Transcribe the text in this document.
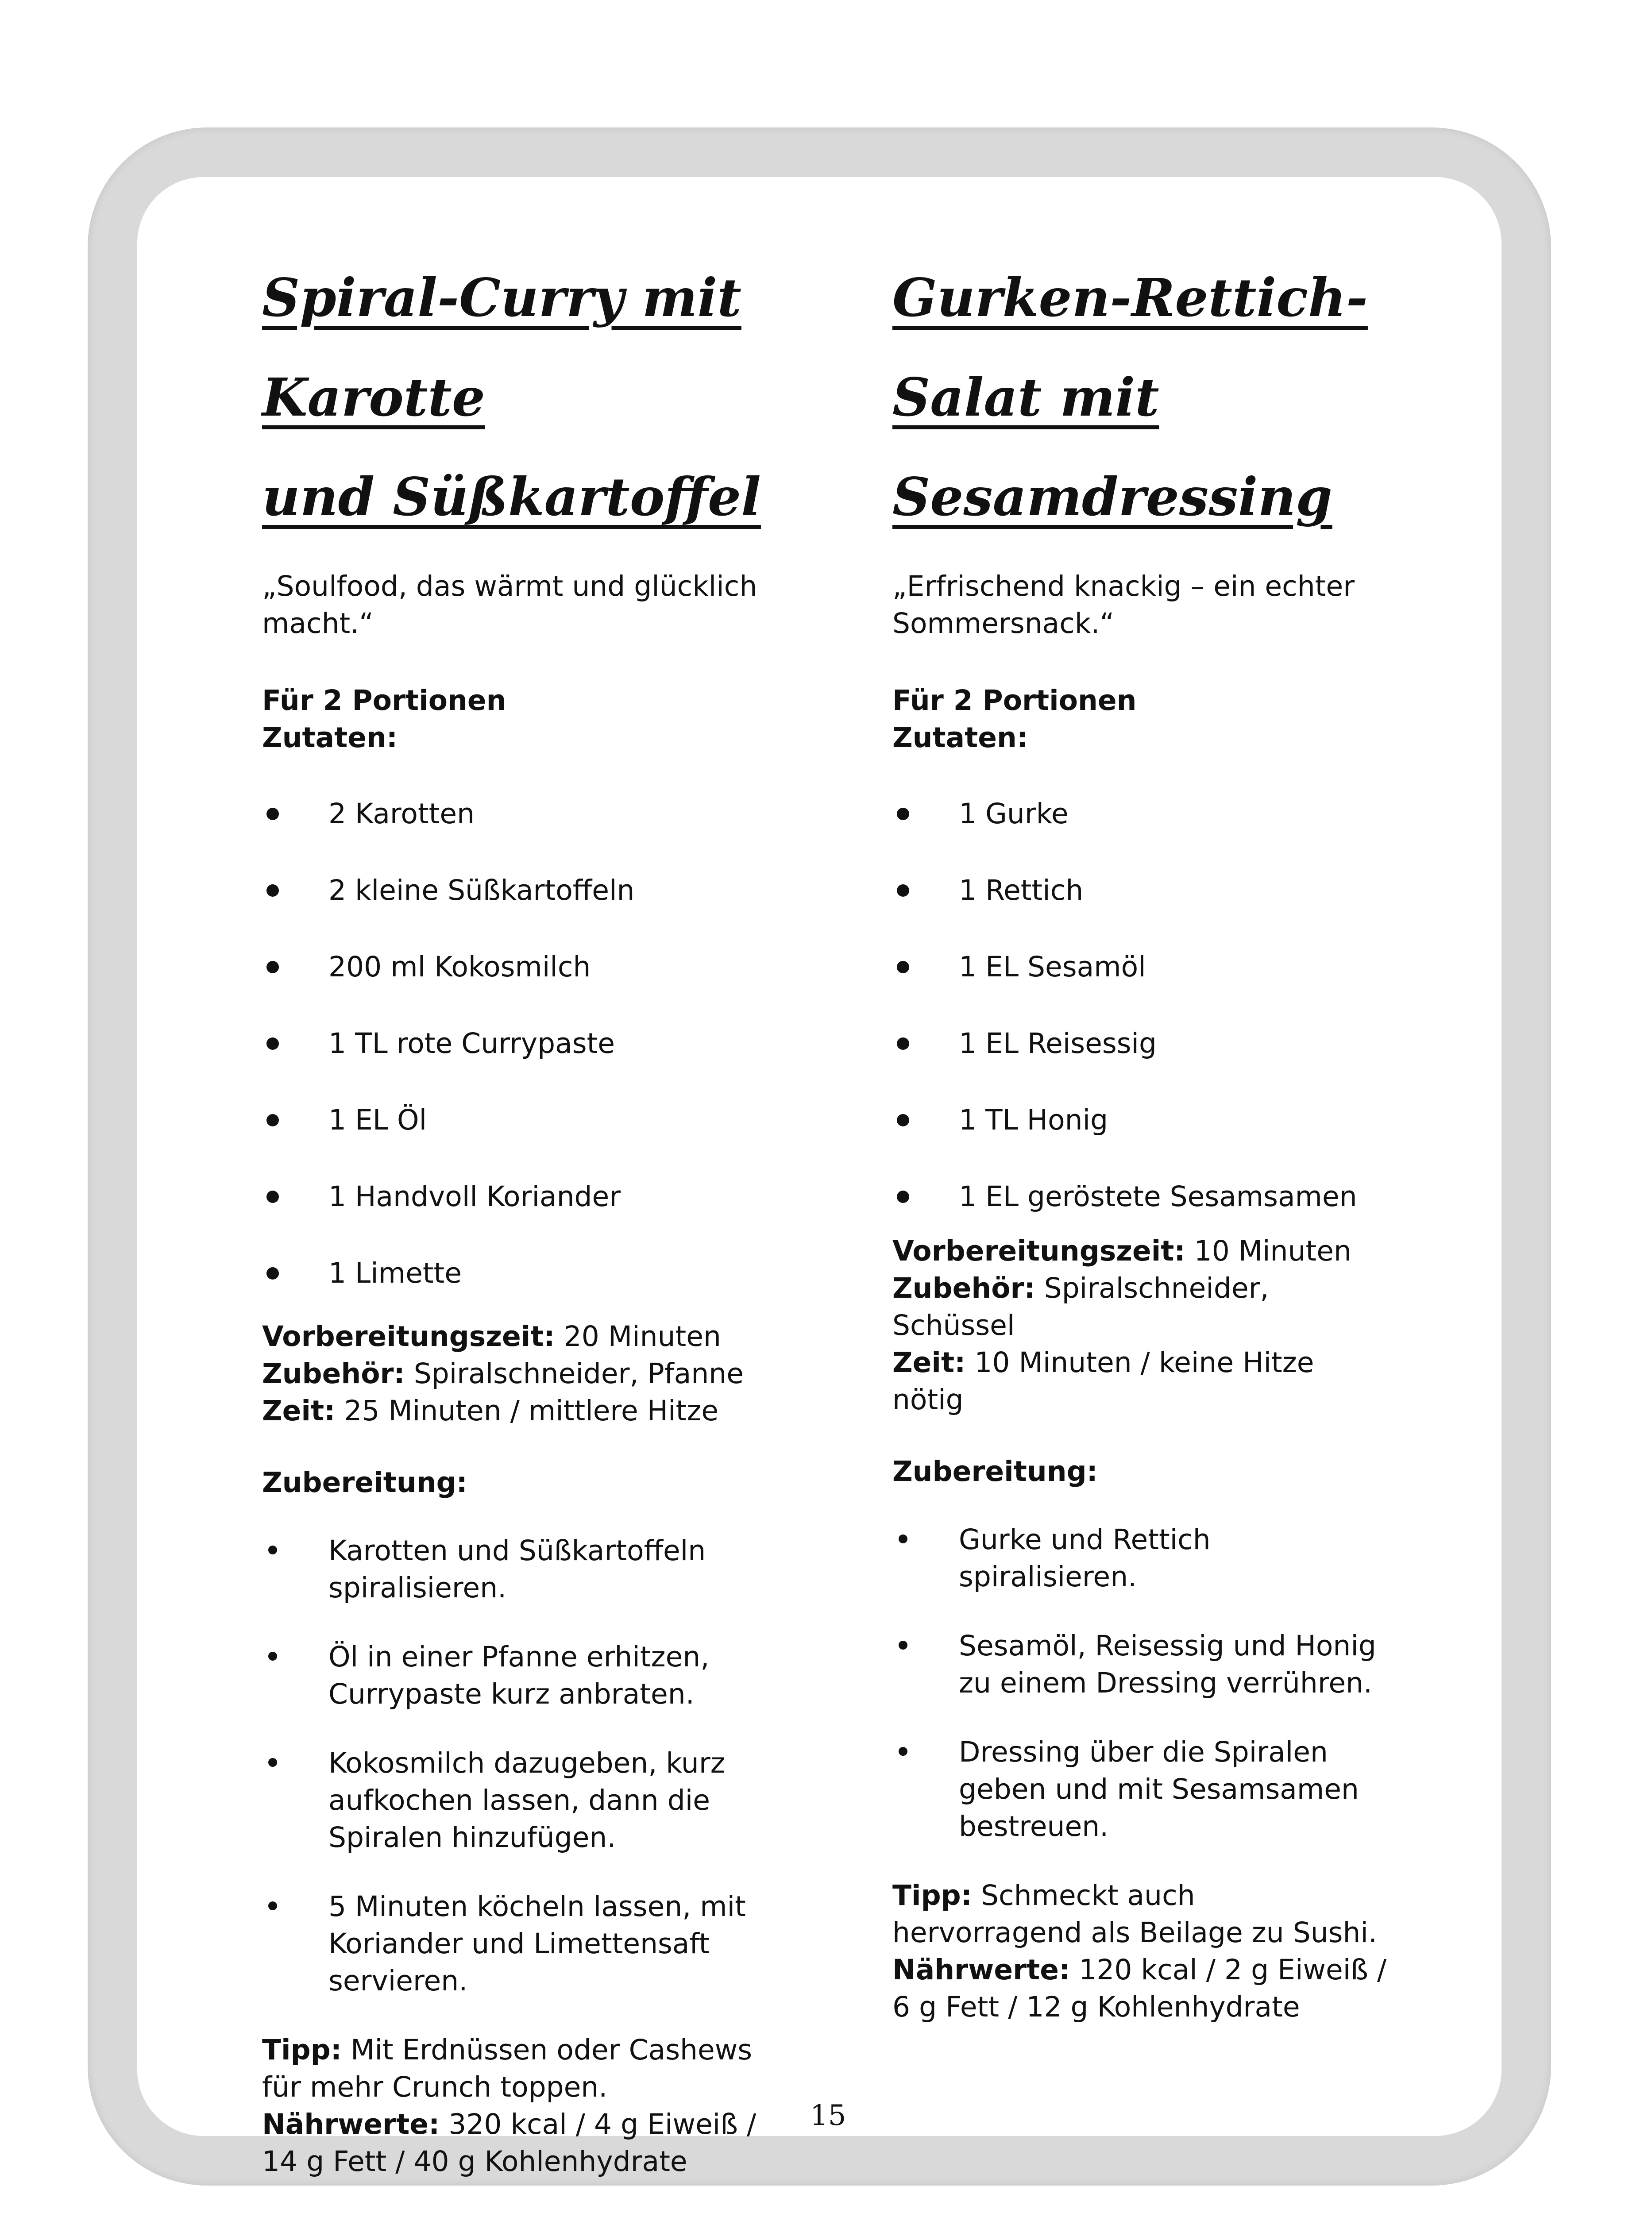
Spiral-Curry mit Karotte
und Süßkartoffel

„Soulfood, das wärmt und glücklich macht.“

Für 2 Portionen
Zutaten:
2 Karotten
2 kleine Süßkartoffeln
200 ml Kokosmilch
1 TL rote Currypaste
1 EL Öl
1 Handvoll Koriander
1 Limette
Vorbereitungszeit: 20 Minuten
Zubehör: Spiralschneider, Pfanne
Zeit: 25 Minuten / mittlere Hitze
Zubereitung:
Karotten und Süßkartoffeln spiralisieren.
Öl in einer Pfanne erhitzen, Currypaste kurz anbraten.
Kokosmilch dazugeben, kurz aufkochen lassen, dann die Spiralen hinzufügen.
5 Minuten köcheln lassen, mit Koriander und Limettensaft servieren.
Tipp: Mit Erdnüssen oder Cashews für mehr Crunch toppen.
Nährwerte: 320 kcal / 4 g Eiweiß / 14 g Fett / 40 g Kohlenhydrate
Gurken-Rettich-Salat mit
Sesamdressing

„Erfrischend knackig – ein echter Sommersnack.“

Für 2 Portionen
Zutaten:
1 Gurke
1 Rettich
1 EL Sesamöl
1 EL Reisessig
1 TL Honig
1 EL geröstete Sesamsamen
Vorbereitungszeit: 10 Minuten
Zubehör: Spiralschneider, Schüssel
Zeit: 10 Minuten / keine Hitze nötig
Zubereitung:
Gurke und Rettich spiralisieren.
Sesamöl, Reisessig und Honig zu einem Dressing verrühren.
Dressing über die Spiralen geben und mit Sesamsamen bestreuen.
Tipp: Schmeckt auch hervorragend als Beilage zu Sushi.
Nährwerte: 120 kcal / 2 g Eiweiß / 6 g Fett / 12 g Kohlenhydrate
15
